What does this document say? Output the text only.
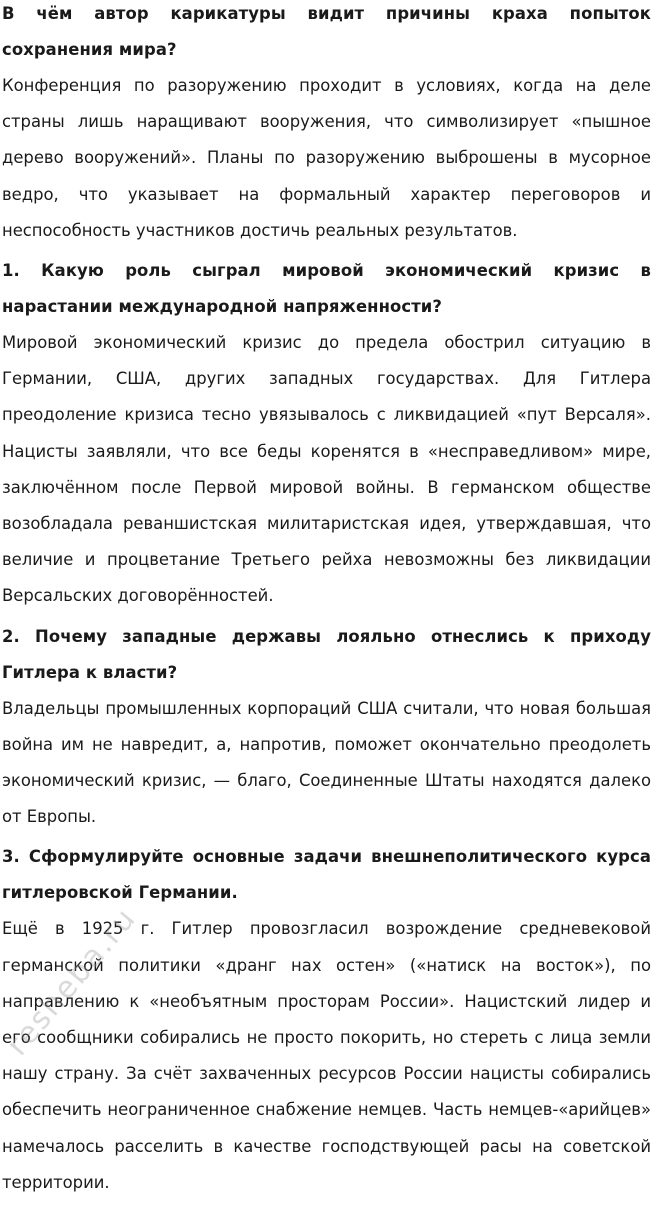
В чём автор карикатуры видит причины краха попыток сохранения мира?

Конференция по разоружению проходит в условиях, когда на деле страны лишь наращивают вооружения, что символизирует «пышное дерево вооружений». Планы по разоружению выброшены в мусорное ведро, что указывает на формальный характер переговоров и неспособность участников достичь реальных результатов.

1. Какую роль сыграл мировой экономический кризис в нарастании международной напряженности?

Мировой экономический кризис до предела обострил ситуацию в Германии, США, других западных государствах. Для Гитлера преодоление кризиса тесно увязывалось с ликвидацией «пут Версаля». Нацисты заявляли, что все беды коренятся в «несправедливом» мире, заключённом после Первой мировой войны. В германском обществе возобладала реваншистская милитаристская идея, утверждавшая, что величие и процветание Третьего рейха невозможны без ликвидации Версальских договорённостей.

2. Почему западные державы лояльно отнеслись к приходу Гитлера к власти?

Владельцы промышленных корпораций США считали, что новая большая война им не навредит, а, напротив, поможет окончательно преодолеть экономический кризис, — благо, Соединенные Штаты находятся далеко от Европы.

3. Сформулируйте основные задачи внешнеполитического курса гитлеровской Германии.

Ещё в 1925 г. Гитлер провозгласил возрождение средневековой германской политики «дранг нах остен» («натиск на восток»), по направлению к «необъятным просторам России». Нацистский лидер и его сообщники собирались не просто покорить, но стереть с лица земли нашу страну. За счёт захваченных ресурсов России нацисты собирались обеспечить неограниченное снабжение немцев. Часть немцев-«арийцев» намечалось расселить в качестве господствующей расы на советской территории.

resheba.ru
